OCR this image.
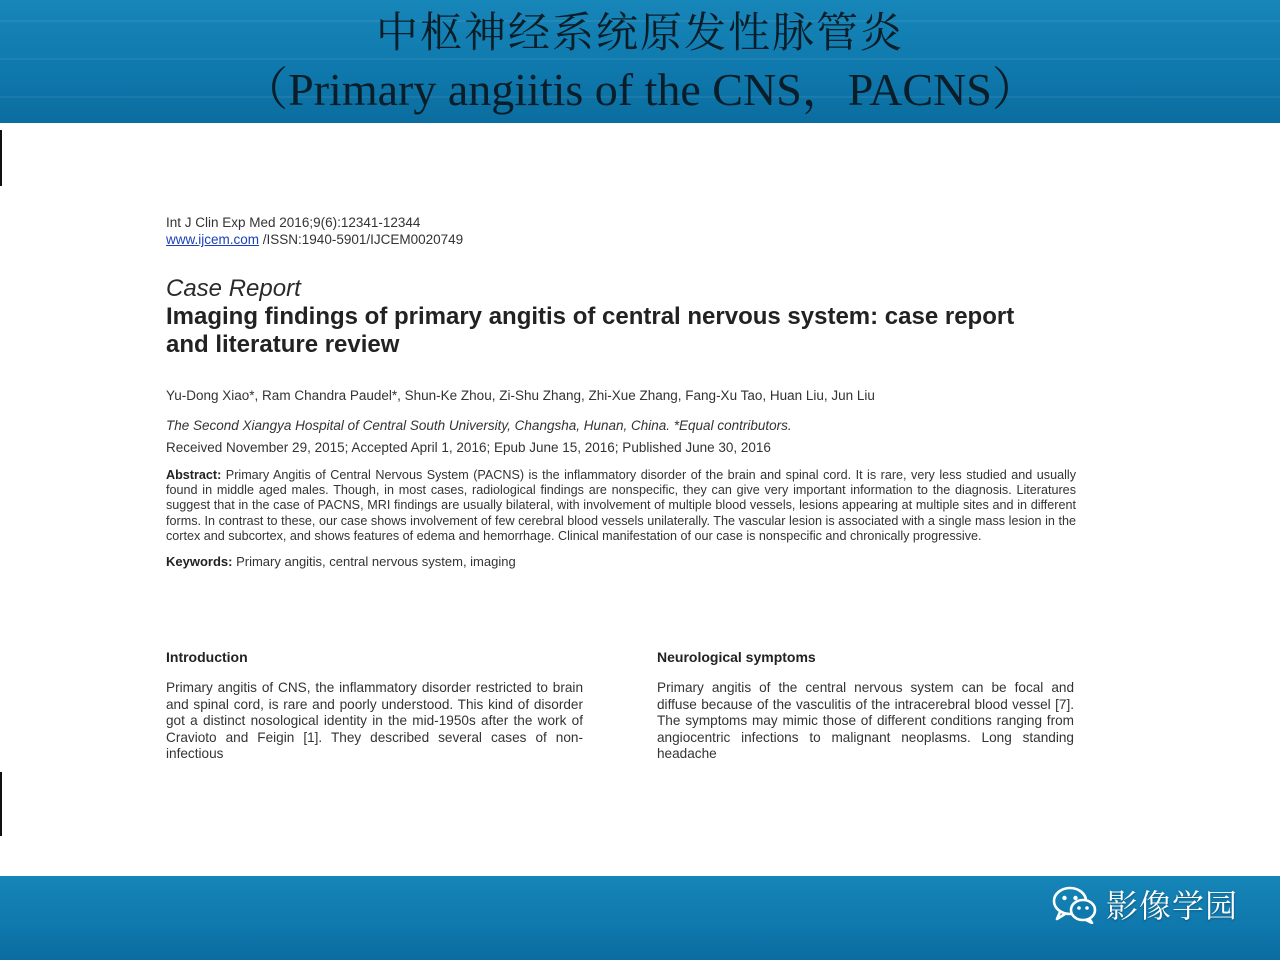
中枢神经系统原发性脉管炎
（Primary angiitis of the CNS，PACNS）
Int J Clin Exp Med 2016;9(6):12341-12344
www.ijcem.com /ISSN:1940-5901/IJCEM0020749
Case Report
Imaging findings of primary angitis of central nervous system: case report and literature review
Yu-Dong Xiao*, Ram Chandra Paudel*, Shun-Ke Zhou, Zi-Shu Zhang, Zhi-Xue Zhang, Fang-Xu Tao, Huan Liu, Jun Liu
The Second Xiangya Hospital of Central South University, Changsha, Hunan, China. *Equal contributors.
Received November 29, 2015; Accepted April 1, 2016; Epub June 15, 2016; Published June 30, 2016
Abstract: Primary Angitis of Central Nervous System (PACNS) is the inflammatory disorder of the brain and spinal cord. It is rare, very less studied and usually found in middle aged males. Though, in most cases, radiological findings are nonspecific, they can give very important information to the diagnosis. Literatures suggest that in the case of PACNS, MRI findings are usually bilateral, with involvement of multiple blood vessels, lesions appearing at multiple sites and in different forms. In contrast to these, our case shows involvement of few cerebral blood vessels unilaterally. The vascular lesion is associated with a single mass lesion in the cortex and subcortex, and shows features of edema and hemorrhage. Clinical manifestation of our case is nonspecific and chronically progressive.
Keywords: Primary angitis, central nervous system, imaging
Introduction

Primary angitis of CNS, the inflammatory disorder restricted to brain and spinal cord, is rare and poorly understood. This kind of disorder got a distinct nosological identity in the mid-1950s after the work of Cravioto and Feigin [1]. They described several cases of non-infectious

Neurological symptoms

Primary angitis of the central nervous system can be focal and diffuse because of the vasculitis of the intracerebral blood vessel [7]. The symptoms may mimic those of different conditions ranging from angiocentric infections to malignant neoplasms. Long standing headache

影像学园
